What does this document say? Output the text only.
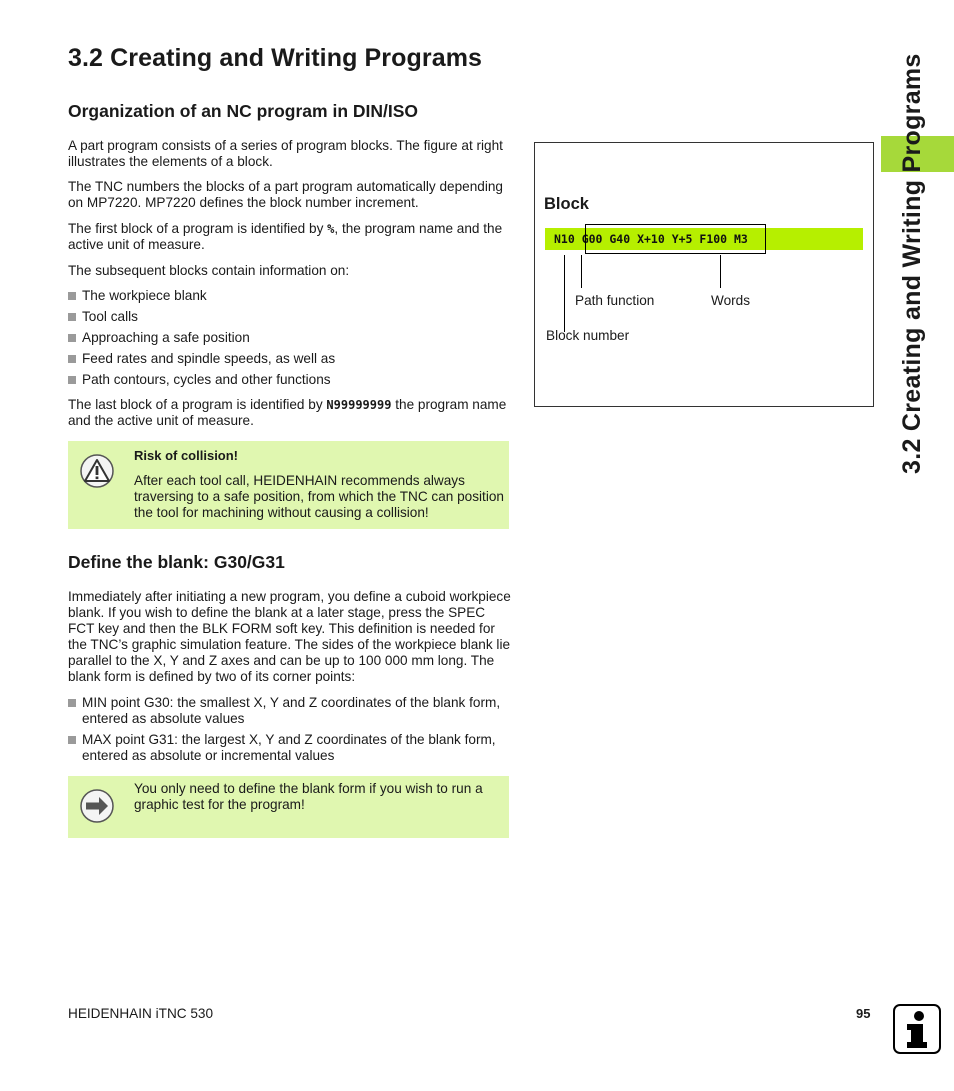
3.2 Creating and Writing Programs
Organization of an NC program in DIN/ISO

A part program consists of a series of program blocks. The figure at right illustrates the elements of a block.

The TNC numbers the blocks of a part program automatically depending on MP7220. MP7220 defines the block number increment.

The first block of a program is identified by %, the program name and the active unit of measure.

The subsequent blocks contain information on:

The workpiece blank
Tool calls
Approaching a safe position
Feed rates and spindle speeds, as well as
Path contours, cycles and other functions

The last block of a program is identified by N99999999 the program name and the active unit of measure.

Risk of collision!
After each tool call, HEIDENHAIN recommends always traversing to a safe position, from which the TNC can position the tool for machining without causing a collision!
Define the blank: G30/G31

Immediately after initiating a new program, you define a cuboid workpiece blank. If you wish to define the blank at a later stage, press the SPEC FCT key and then the BLK FORM soft key. This definition is needed for the TNC’s graphic simulation feature. The sides of the workpiece blank lie parallel to the X, Y and Z axes and can be up to 100 000 mm long. The blank form is defined by two of its corner points:

MIN point G30: the smallest X, Y and Z coordinates of the blank form, entered as absolute values
MAX point G31: the largest X, Y and Z coordinates of the blank form, entered as absolute or incremental values
You only need to define the blank form if you wish to run a graphic test for the program!
Block
N10 G00 G40 X+10 Y+5 F100 M3
Path function	Words
Block number	3.2 Creating and Writing Programs
HEIDENHAIN iTNC 530	95
